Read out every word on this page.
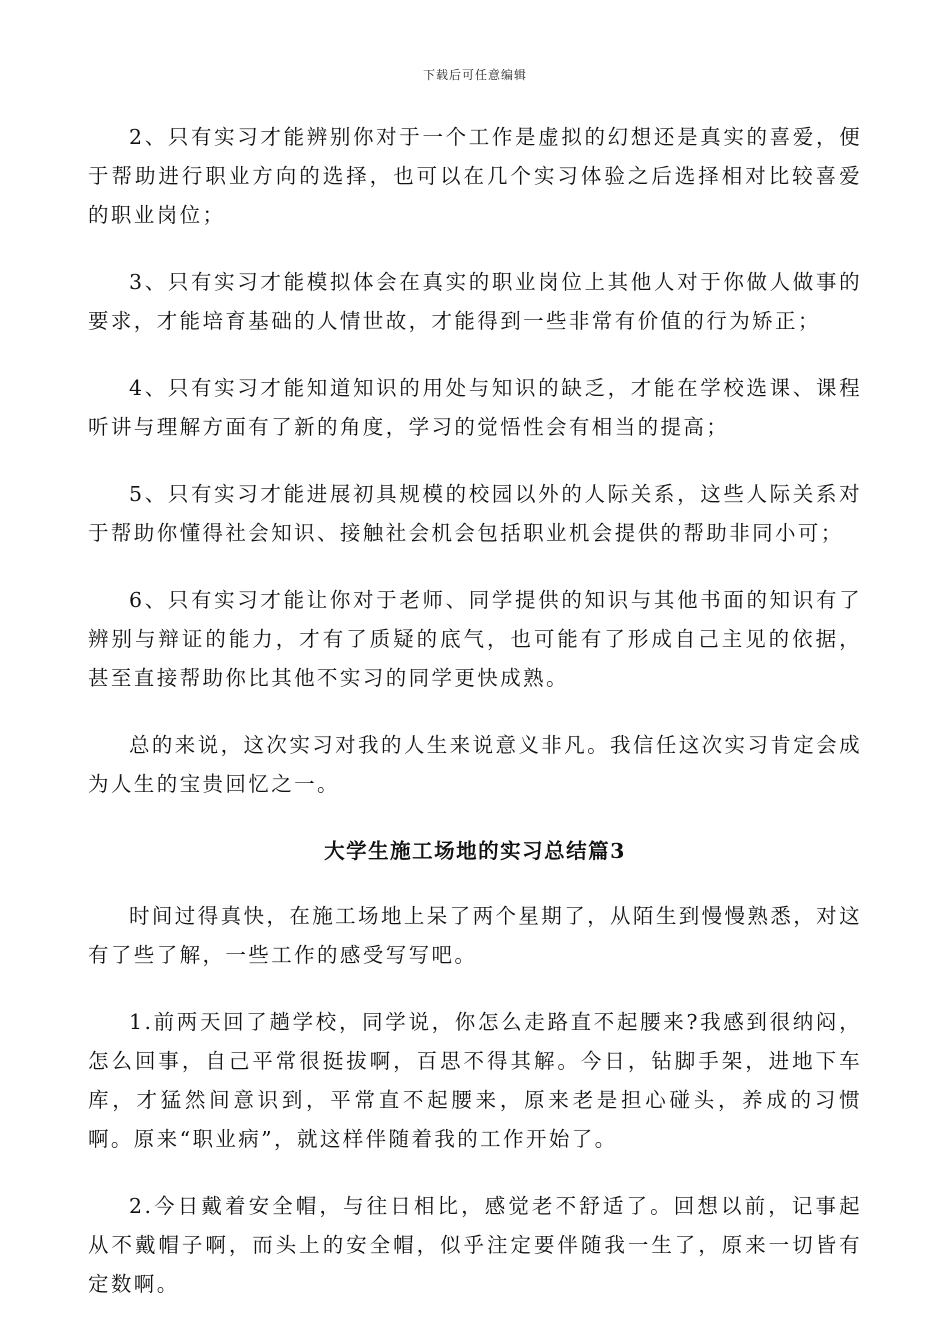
下载后可任意编辑

2、只有实习才能辨别你对于一个工作是虚拟的幻想还是真实的喜爱，便于帮助进行职业方向的选择，也可以在几个实习体验之后选择相对比较喜爱的职业岗位；

3、只有实习才能模拟体会在真实的职业岗位上其他人对于你做人做事的要求，才能培育基础的人情世故，才能得到一些非常有价值的行为矫正；

4、只有实习才能知道知识的用处与知识的缺乏，才能在学校选课、课程听讲与理解方面有了新的角度，学习的觉悟性会有相当的提高；

5、只有实习才能进展初具规模的校园以外的人际关系，这些人际关系对于帮助你懂得社会知识、接触社会机会包括职业机会提供的帮助非同小可；

6、只有实习才能让你对于老师、同学提供的知识与其他书面的知识有了辨别与辩证的能力，才有了质疑的底气，也可能有了形成自己主见的依据，甚至直接帮助你比其他不实习的同学更快成熟。

总的来说，这次实习对我的人生来说意义非凡。我信任这次实习肯定会成为人生的宝贵回忆之一。

大学生施工场地的实习总结篇3

时间过得真快，在施工场地上呆了两个星期了，从陌生到慢慢熟悉，对这有了些了解，一些工作的感受写写吧。

1.前两天回了趟学校，同学说，你怎么走路直不起腰来?我感到很纳闷，怎么回事，自己平常很挺拔啊，百思不得其解。今日，钻脚手架，进地下车库，才猛然间意识到，平常直不起腰来，原来老是担心碰头，养成的习惯啊。原来“职业病”，就这样伴随着我的工作开始了。

2.今日戴着安全帽，与往日相比，感觉老不舒适了。回想以前，记事起从不戴帽子啊，而头上的安全帽，似乎注定要伴随我一生了，原来一切皆有定数啊。
